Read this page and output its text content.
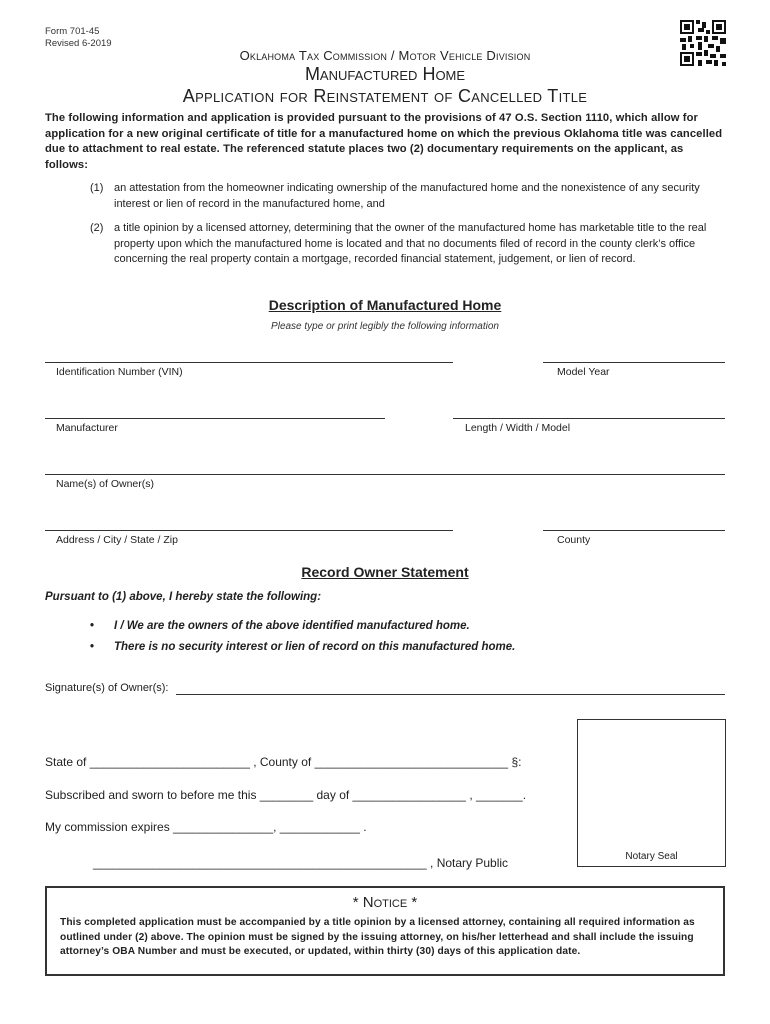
Form 701-45
Revised 6-2019
Oklahoma Tax Commission / Motor Vehicle Division
Manufactured Home
Application for Reinstatement of Cancelled Title
The following information and application is provided pursuant to the provisions of 47 O.S. Section 1110, which allow for application for a new original certificate of title for a manufactured home on which the previous Oklahoma title was cancelled due to attachment to real estate. The referenced statute places two (2) documentary requirements on the applicant, as follows:
(1) an attestation from the homeowner indicating ownership of the manufactured home and the nonexistence of any security interest or lien of record in the manufactured home, and
(2) a title opinion by a licensed attorney, determining that the owner of the manufactured home has marketable title to the real property upon which the manufactured home is located and that no documents filed of record in the county clerk’s office concerning the real property contain a mortgage, recorded financial statement, judgement, or lien of record.
Description of Manufactured Home
Please type or print legibly the following information
Identification Number (VIN)	Model Year
Manufacturer	Length / Width / Model
Name(s) of Owner(s)
Address / City / State / Zip	County
Record Owner Statement
Pursuant to (1) above, I hereby state the following:
• I / We are the owners of the above identified manufactured home.
• There is no security interest or lien of record on this manufactured home.
Signature(s) of Owner(s):
State of ________________________ , County of _____________________________ §:
Subscribed and sworn to before me this ________ day of _________________ , _______.
My commission expires _______________, ____________ .
__________________________________________________ , Notary Public	Notary Seal
* Notice *
This completed application must be accompanied by a title opinion by a licensed attorney, containing all required information as outlined under (2) above. The opinion must be signed by the issuing attorney, on his/her letterhead and shall include the issuing attorney’s OBA Number and must be executed, or updated, within thirty (30) days of this application date.
